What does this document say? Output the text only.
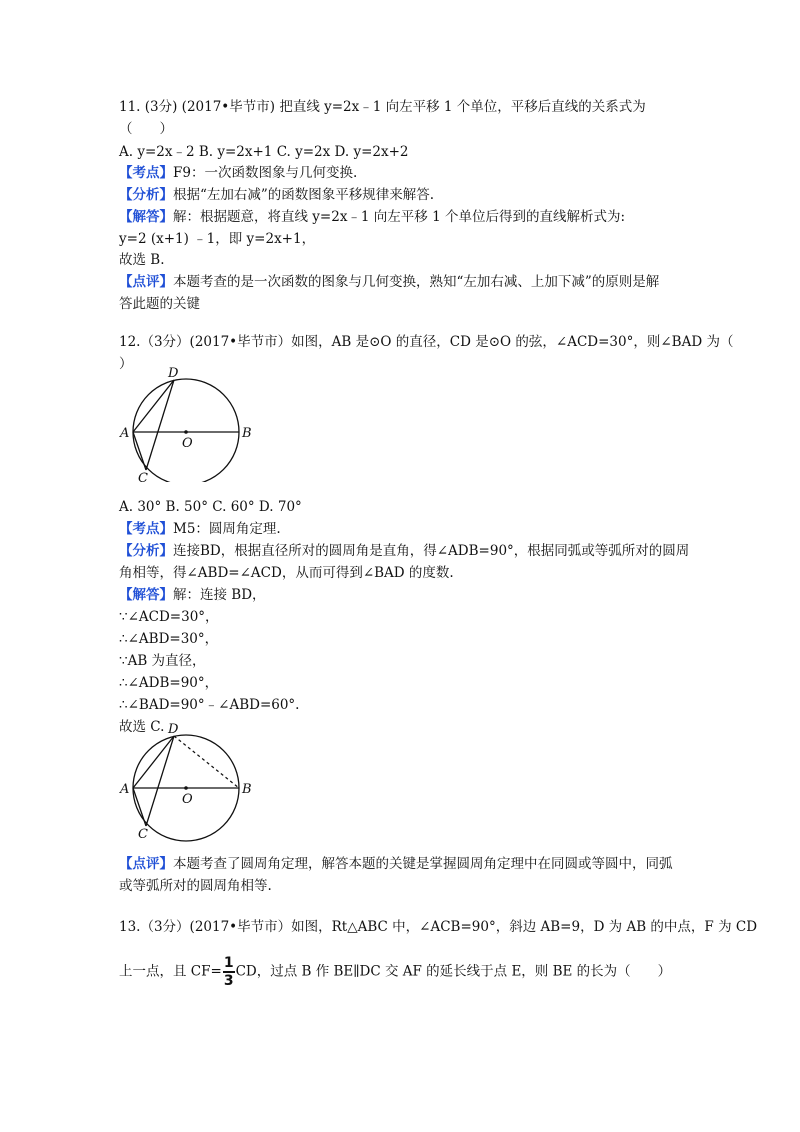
11. (3分) (2017•毕节市) 把直线 y=2x﹣1 向左平移 1 个单位，平移后直线的关系式为
（　　）
A. y=2x﹣2 B. y=2x+1 C. y=2x D. y=2x+2
【考点】F9：一次函数图象与几何变换.
【分析】根据“左加右减”的函数图象平移规律来解答.
【解答】解：根据题意，将直线 y=2x﹣1 向左平移 1 个单位后得到的直线解析式为:
y=2 (x+1) ﹣1，即 y=2x+1，
故选 B.
【点评】本题考查的是一次函数的图象与几何变换，熟知“左加右减、上加下减”的原则是解
答此题的关键
12.（3分）(2017•毕节市）如图，AB 是⊙O 的直径，CD 是⊙O 的弦，∠ACD=30°，则∠BAD 为（
）
A	B
O
D
C
A. 30° B. 50° C. 60° D. 70°
【考点】M5：圆周角定理.
【分析】连接BD，根据直径所对的圆周角是直角，得∠ADB=90°，根据同弧或等弧所对的圆周
角相等，得∠ABD=∠ACD，从而可得到∠BAD 的度数.
【解答】解：连接 BD，
∵∠ACD=30°，
∴∠ABD=30°，
∵AB 为直径，
∴∠ADB=90°，
∴∠BAD=90°﹣∠ABD=60°.
故选 C.
A	B
O
D
C
【点评】本题考查了圆周角定理，解答本题的关键是掌握圆周角定理中在同圆或等圆中，同弧
或等弧所对的圆周角相等.
13.（3分）(2017•毕节市）如图，Rt△ABC 中，∠ACB=90°，斜边 AB=9，D 为 AB 的中点，F 为 CD
上一点，且 $CF= \frac{1}{3}$ CD，过点 B 作 BE∥DC 交 AF 的延长线于点 E，则 BE 的长为（　　）
